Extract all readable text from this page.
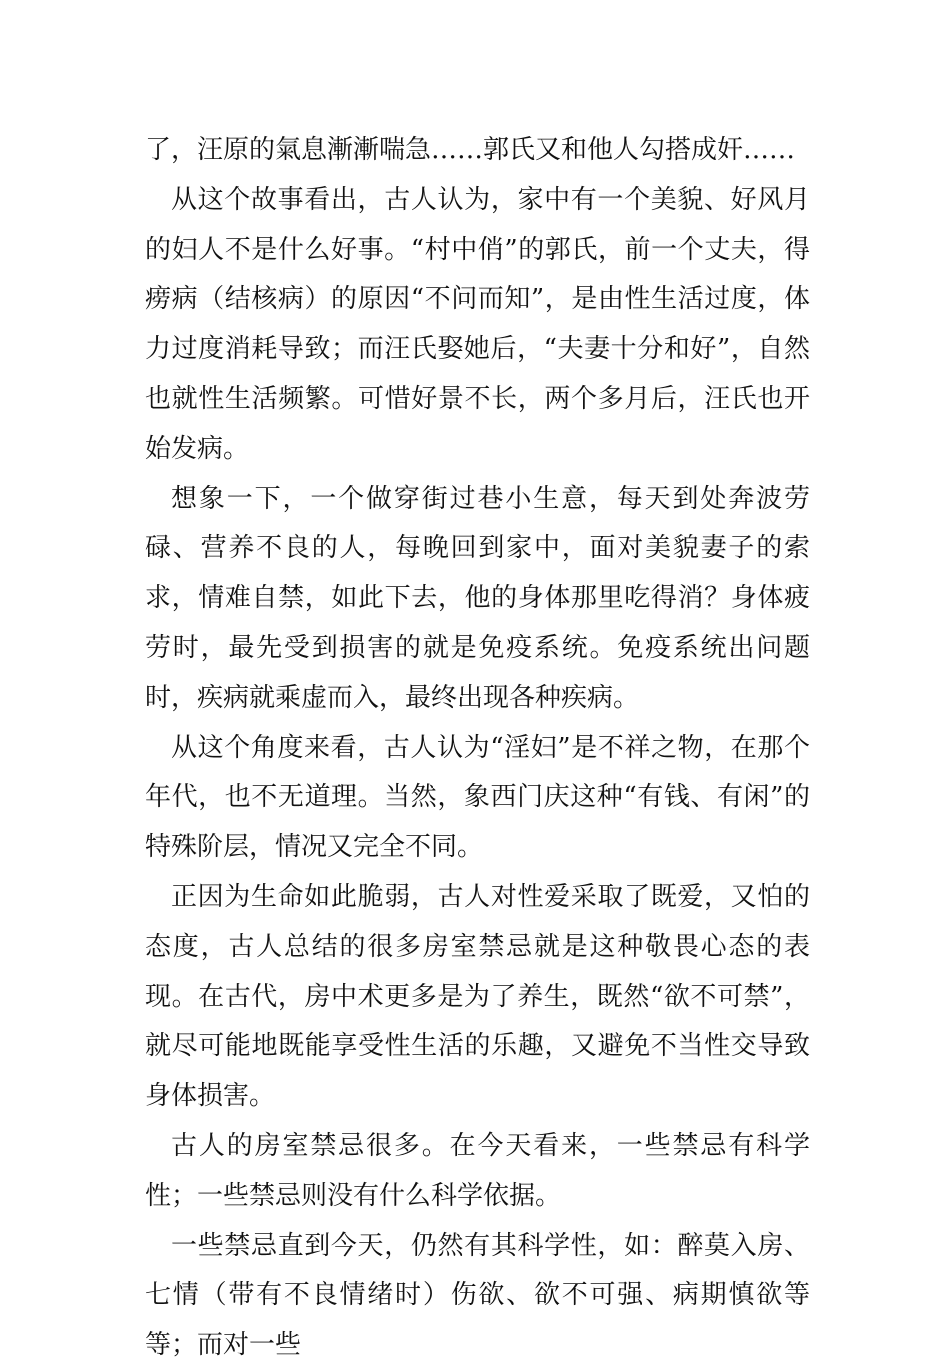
了，汪原的氣息漸漸喘急……郭氏又和他人勾搭成奸……

从这个故事看出，古人认为，家中有一个美貌、好风月的妇人不是什么好事。“村中俏”的郭氏，前一个丈夫，得痨病（结核病）的原因“不问而知”，是由性生活过度，体力过度消耗导致；而汪氏娶她后，“夫妻十分和好”，自然也就性生活频繁。可惜好景不长，两个多月后，汪氏也开始发病。

想象一下，一个做穿街过巷小生意，每天到处奔波劳碌、营养不良的人，每晚回到家中，面对美貌妻子的索求，情难自禁，如此下去，他的身体那里吃得消？身体疲劳时，最先受到损害的就是免疫系统。免疫系统出问题时，疾病就乘虚而入，最终出现各种疾病。

从这个角度来看，古人认为“淫妇”是不祥之物，在那个年代，也不无道理。当然，象西门庆这种“有钱、有闲”的特殊阶层，情况又完全不同。

正因为生命如此脆弱，古人对性爱采取了既爱，又怕的态度，古人总结的很多房室禁忌就是这种敬畏心态的表现。在古代，房中术更多是为了养生，既然“欲不可禁”，就尽可能地既能享受性生活的乐趣，又避免不当性交导致身体损害。

古人的房室禁忌很多。在今天看来，一些禁忌有科学性；一些禁忌则没有什么科学依据。

一些禁忌直到今天，仍然有其科学性，如：醉莫入房、七情（带有不良情绪时）伤欲、欲不可强、病期慎欲等等；而对一些
